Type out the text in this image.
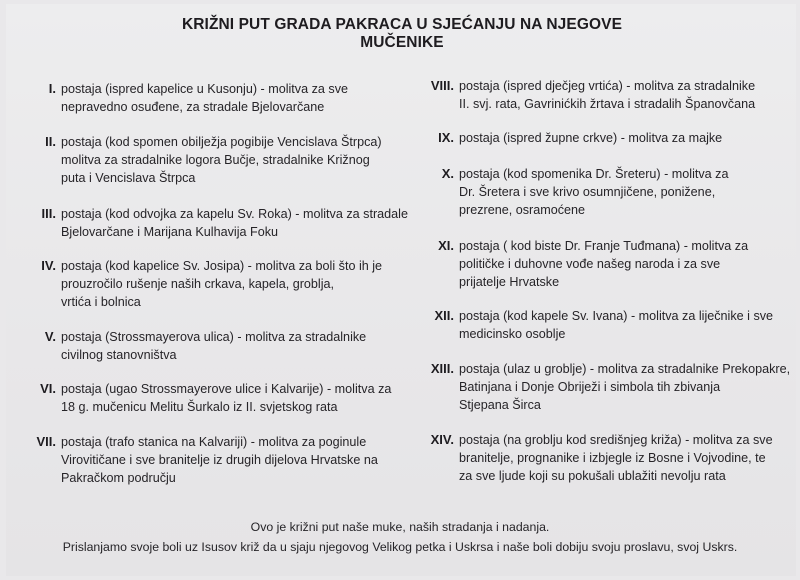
KRIŽNI PUT GRADA PAKRACA U SJEĆANJU NA NJEGOVE MUČENIKE
I. postaja (ispred kapelice u Kusonju) - molitva za sve
nepravedno osuđene, za stradale Bjelovarčane
II. postaja (kod spomen obilježja pogibije Vencislava Štrpca)
molitva za stradalnike logora Bučje, stradalnike Križnog
puta i Vencislava Štrpca
III. postaja (kod odvojka za kapelu Sv. Roka) - molitva za stradale
Bjelovarčane i Marijana Kulhavija Foku
IV. postaja (kod kapelice Sv. Josipa) - molitva za boli što ih je
prouzročilo rušenje naših crkava, kapela, groblja,
vrtića i bolnica
V. postaja (Strossmayerova ulica) - molitva za stradalnike
civilnog stanovništva
VI. postaja (ugao Strossmayerove ulice i Kalvarije) - molitva za
18 g. mučenicu Melitu Šurkalo iz II. svjetskog rata
VII. postaja (trafo stanica na Kalvariji) - molitva za poginule
Virovitičane i sve branitelje iz drugih dijelova Hrvatske na
Pakračkom području
VIII. postaja (ispred dječjeg vrtića) - molitva za stradalnike
II. svj. rata, Gavrinićkih žrtava i stradalih Španovčana
IX. postaja (ispred župne crkve) - molitva za majke
X. postaja (kod spomenika Dr. Šreteru) - molitva za
Dr. Šretera i sve krivo osumnjičene, ponižene,
prezrene, osramoćene
XI. postaja ( kod biste Dr. Franje Tuđmana) - molitva za
političke i duhovne vođe našeg naroda i za sve
prijatelje Hrvatske
XII. postaja (kod kapele Sv. Ivana) - molitva za liječnike i sve
medicinsko osoblje
XIII. postaja (ulaz u groblje) - molitva za stradalnike Prekopakre,
Batinjana i Donje Obriježi i simbola tih zbivanja
Stjepana Širca
XIV. postaja (na groblju kod središnjeg križa) - molitva za sve
branitelje, prognanike i izbjegle iz Bosne i Vojvodine, te
za sve ljude koji su pokušali ublažiti nevolju rata
Ovo je križni put naše muke, naših stradanja i nadanja.
Prislanjamo svoje boli uz Isusov križ da u sjaju njegovog Velikog petka i Uskrsa i naše boli dobiju svoju proslavu, svoj Uskrs.
